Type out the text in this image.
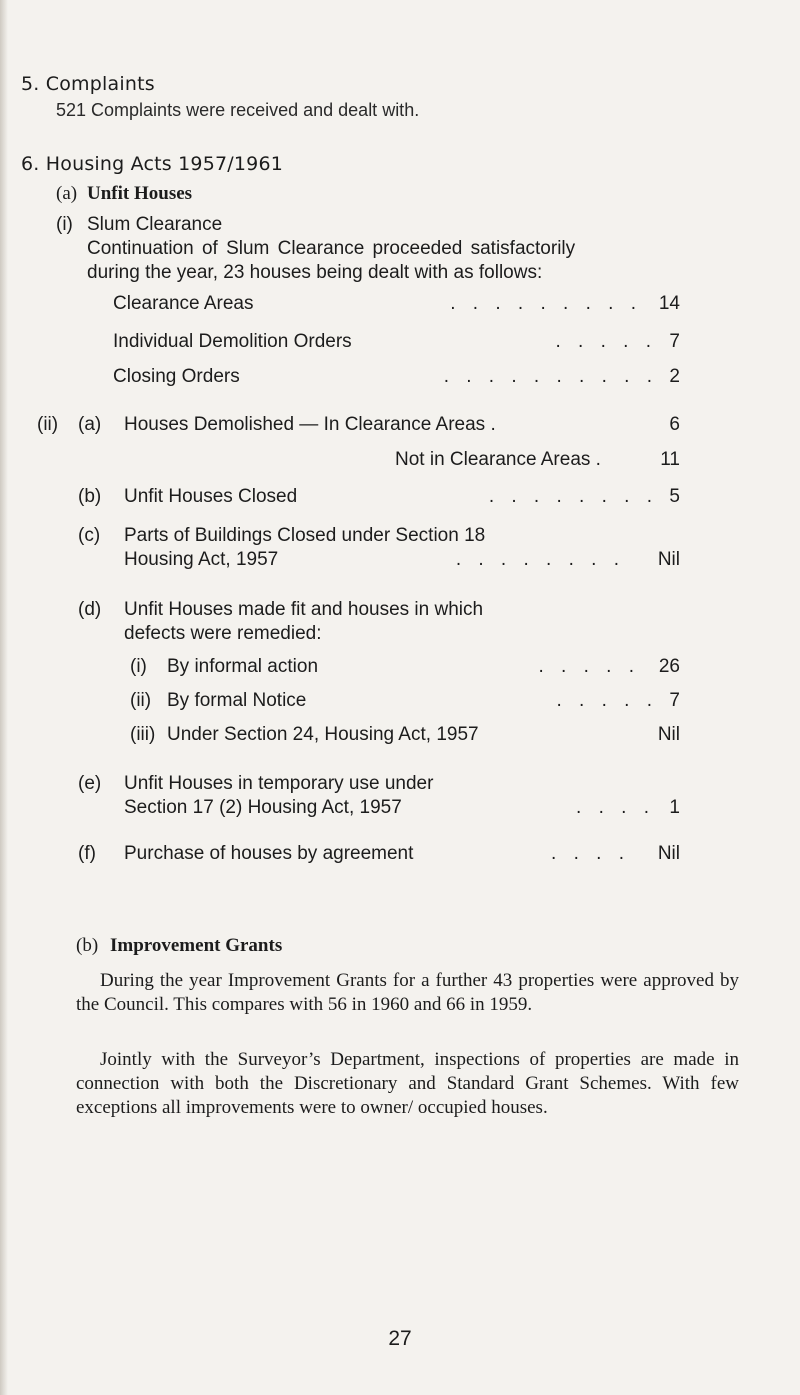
5. Complaints
521 Complaints were received and dealt with.
6. Housing Acts 1957/1961
(a) Unfit Houses
(i) Slum Clearance
Continuation of Slum Clearance proceeded satisfactorily
during the year, 23 houses being dealt with as follows:
Clearance Areas	. . . . . . . . . 14
Individual Demolition Orders	. . . . . 7
Closing Orders	. . . . . . . . . . 2
(ii) (a) Houses Demolished — In Clearance Areas .	6
Not in Clearance Areas .	11
(b) Unfit Houses Closed	. . . . . . . . 5
(c) Parts of Buildings Closed under Section 18
Housing Act, 1957	. . . . . . . .	Nil
(d) Unfit Houses made fit and houses in which
defects were remedied:
(i) By informal action	. . . . . 26
(ii) By formal Notice	. . . . . 7
(iii) Under Section 24, Housing Act, 1957	Nil
(e) Unfit Houses in temporary use under
Section 17 (2) Housing Act, 1957	. . . . 1
(f) Purchase of houses by agreement	. . . .	Nil
(b) Improvement Grants
During the year Improvement Grants for a further 43 properties were approved by the Council. This compares with 56 in 1960 and 66 in 1959.
Jointly with the Surveyor’s Department, inspections of properties are made in connection with both the Discretionary and Standard Grant Schemes. With few exceptions all improvements were to owner/ occupied houses.
27
